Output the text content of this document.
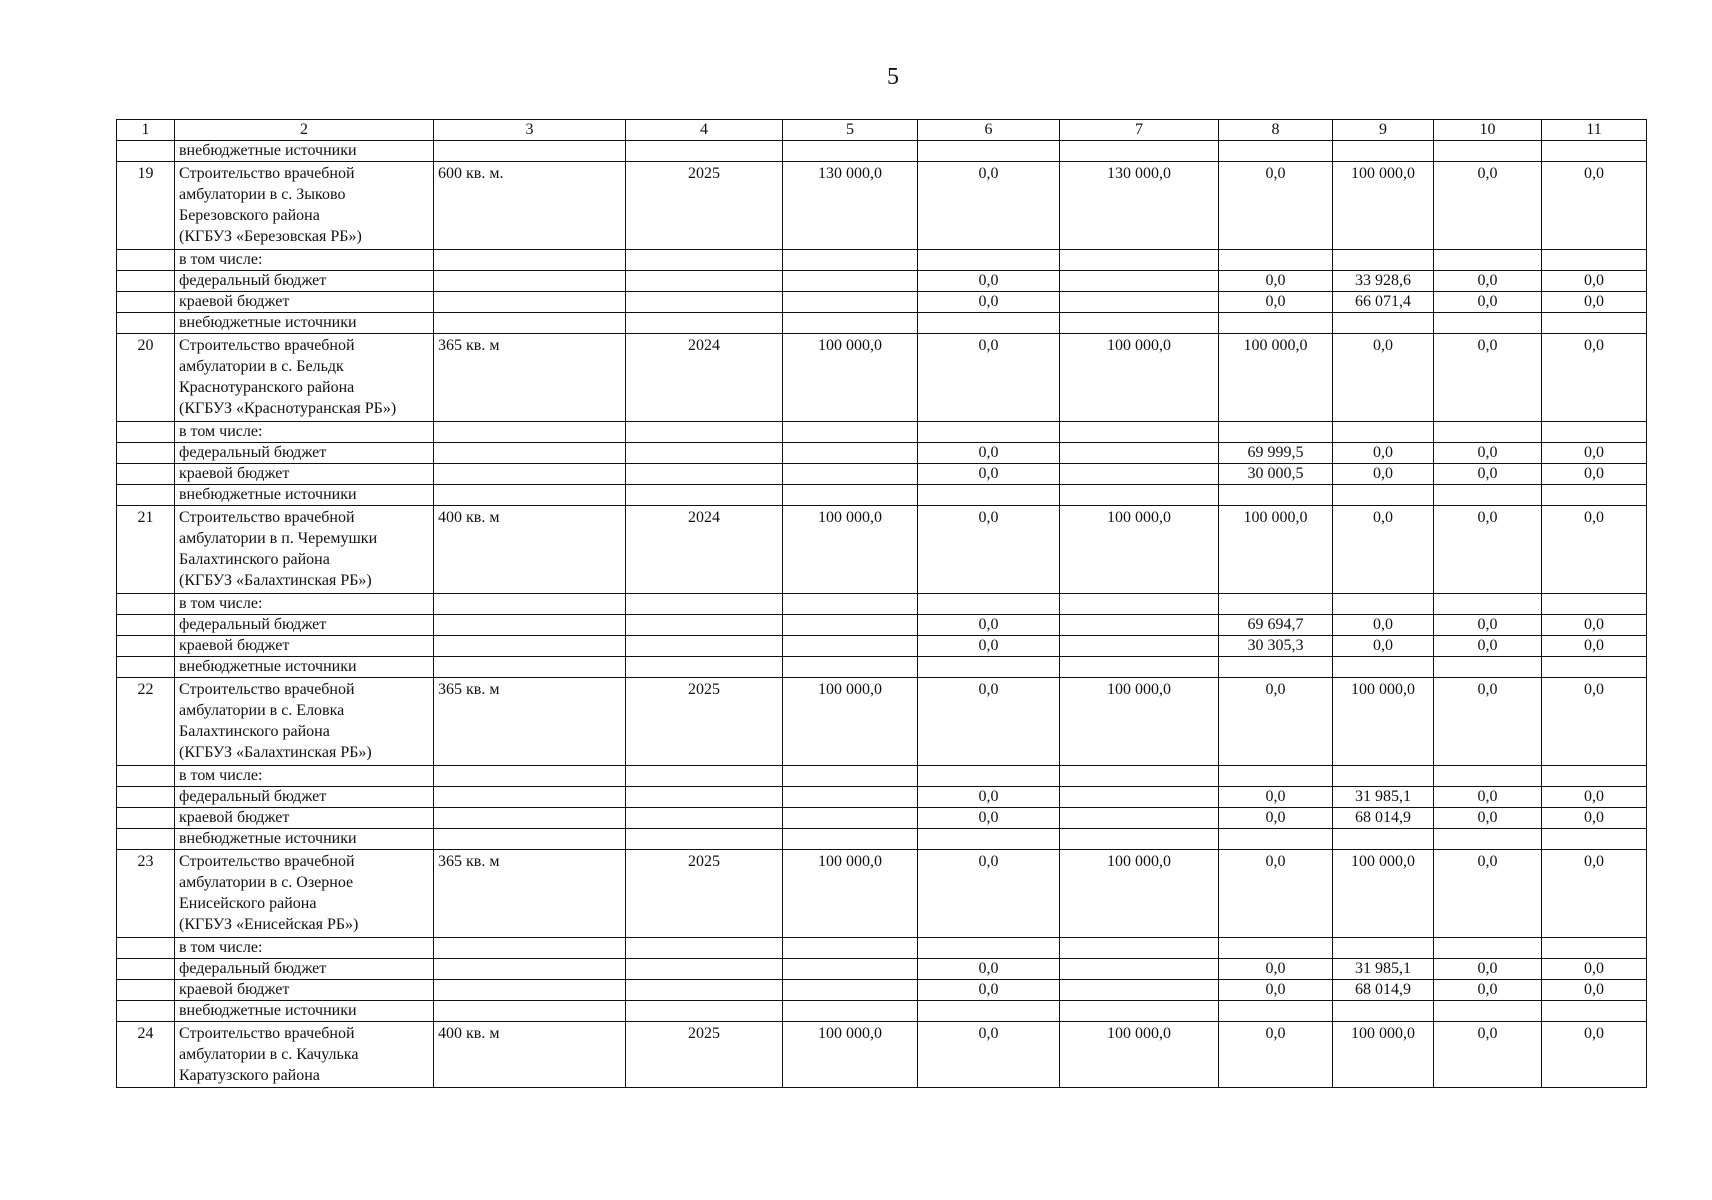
5
1	2	3	4	5	6	7	8	9	10	11
	внебюджетные источники									
19	Строительство врачебной
амбулатории в с. Зыково
Березовского района
(КГБУЗ «Березовская РБ»)	600 кв. м.	2025	130 000,0	0,0	130 000,0	0,0	100 000,0	0,0	0,0
	в том числе:									
	федеральный бюджет				0,0		0,0	33 928,6	0,0	0,0
	краевой бюджет				0,0		0,0	66 071,4	0,0	0,0
	внебюджетные источники									
20	Строительство врачебной
амбулатории в с. Бельдк
Краснотуранского района
(КГБУЗ «Краснотуранская РБ»)	365 кв. м	2024	100 000,0	0,0	100 000,0	100 000,0	0,0	0,0	0,0
	в том числе:									
	федеральный бюджет				0,0		69 999,5	0,0	0,0	0,0
	краевой бюджет				0,0		30 000,5	0,0	0,0	0,0
	внебюджетные источники									
21	Строительство врачебной
амбулатории в п. Черемушки
Балахтинского района
(КГБУЗ «Балахтинская РБ»)	400 кв. м	2024	100 000,0	0,0	100 000,0	100 000,0	0,0	0,0	0,0
	в том числе:									
	федеральный бюджет				0,0		69 694,7	0,0	0,0	0,0
	краевой бюджет				0,0		30 305,3	0,0	0,0	0,0
	внебюджетные источники									
22	Строительство врачебной
амбулатории в с. Еловка
Балахтинского района
(КГБУЗ «Балахтинская РБ»)	365 кв. м	2025	100 000,0	0,0	100 000,0	0,0	100 000,0	0,0	0,0
	в том числе:									
	федеральный бюджет				0,0		0,0	31 985,1	0,0	0,0
	краевой бюджет				0,0		0,0	68 014,9	0,0	0,0
	внебюджетные источники									
23	Строительство врачебной
амбулатории в с. Озерное
Енисейского района
(КГБУЗ «Енисейская РБ»)	365 кв. м	2025	100 000,0	0,0	100 000,0	0,0	100 000,0	0,0	0,0
	в том числе:									
	федеральный бюджет				0,0		0,0	31 985,1	0,0	0,0
	краевой бюджет				0,0		0,0	68 014,9	0,0	0,0
	внебюджетные источники									
24	Строительство врачебной
амбулатории в с. Качулька
Каратузского района	400 кв. м	2025	100 000,0	0,0	100 000,0	0,0	100 000,0	0,0	0,0
